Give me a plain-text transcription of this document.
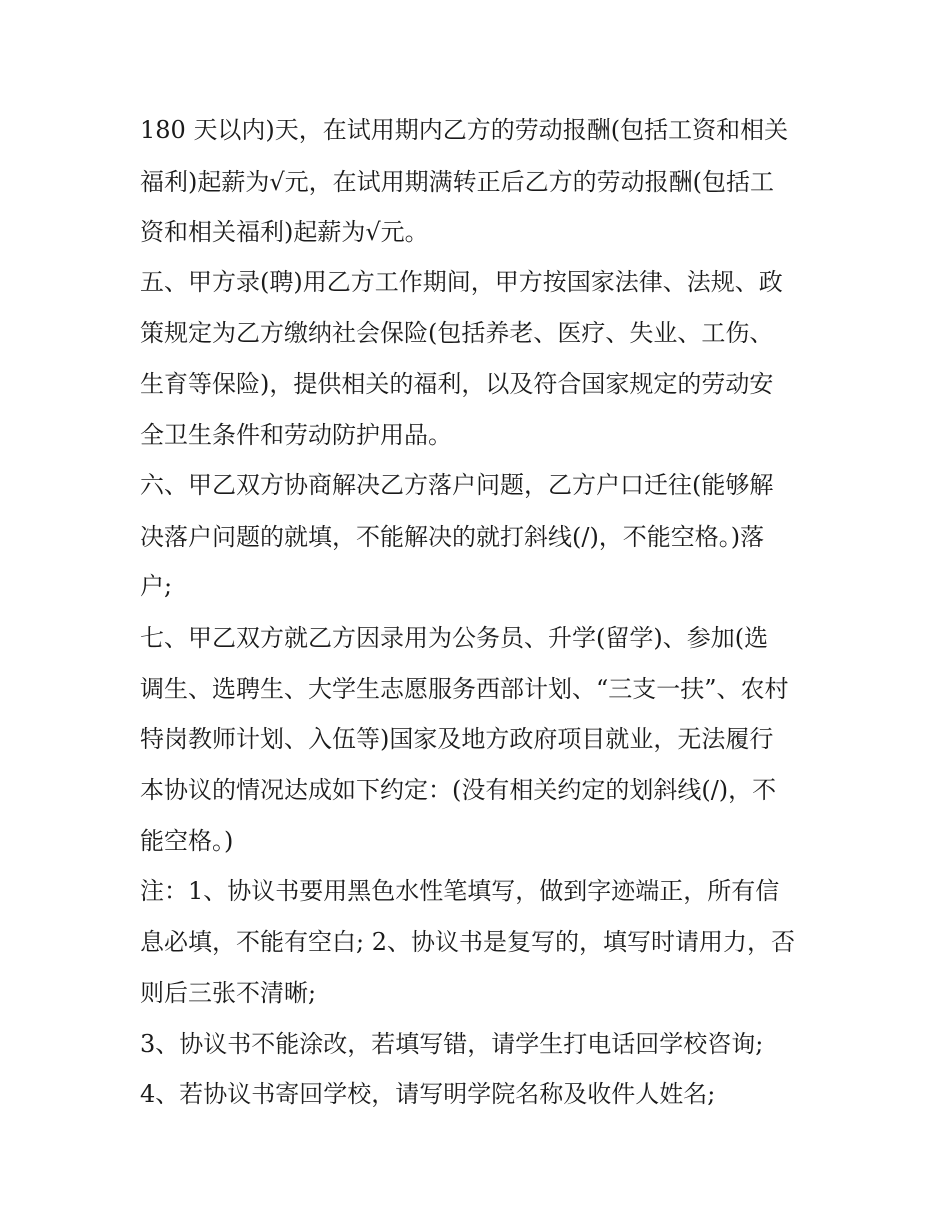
180 天以内)天，在试用期内乙方的劳动报酬(包括工资和相关
福利)起薪为√元，在试用期满转正后乙方的劳动报酬(包括工
资和相关福利)起薪为√元。
五、甲方录(聘)用乙方工作期间，甲方按国家法律、法规、政
策规定为乙方缴纳社会保险(包括养老、医疗、失业、工伤、
生育等保险)，提供相关的福利，以及符合国家规定的劳动安
全卫生条件和劳动防护用品。
六、甲乙双方协商解决乙方落户问题，乙方户口迁往(能够解
决落户问题的就填，不能解决的就打斜线(/)，不能空格。)落
户;
七、甲乙双方就乙方因录用为公务员、升学(留学)、参加(选
调生、选聘生、大学生志愿服务西部计划、“三支一扶”、农村
特岗教师计划、入伍等)国家及地方政府项目就业，无法履行
本协议的情况达成如下约定：(没有相关约定的划斜线(/)，不
能空格。)
注：1、协议书要用黑色水性笔填写，做到字迹端正，所有信
息必填，不能有空白; 2、协议书是复写的，填写时请用力，否
则后三张不清晰;
3、协议书不能涂改，若填写错，请学生打电话回学校咨询;
4、若协议书寄回学校，请写明学院名称及收件人姓名;
